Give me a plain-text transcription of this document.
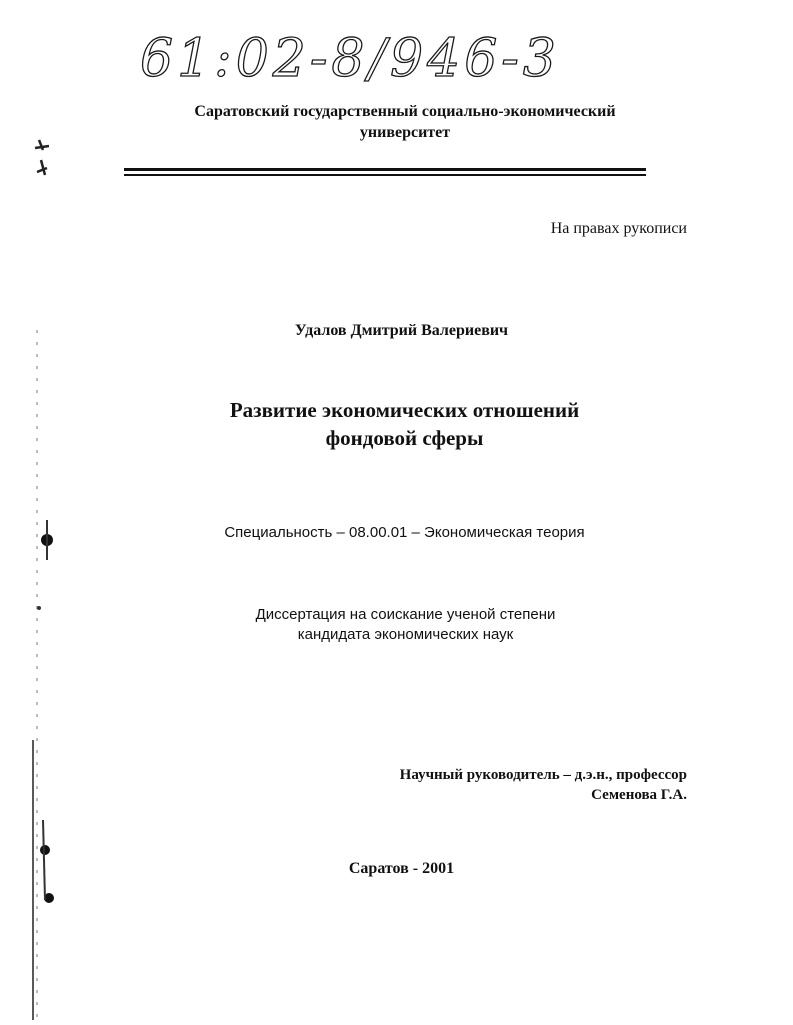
61:02-8/946-3
Саратовский государственный социально-экономический
университет
На правах рукописи
Удалов Дмитрий Валериевич
Развитие экономических отношений
фондовой сферы
Специальность – 08.00.01 – Экономическая теория
Диссертация на соискание ученой степени
кандидата экономических наук
Научный руководитель – д.э.н., профессор
Семенова Г.А.
Саратов - 2001
